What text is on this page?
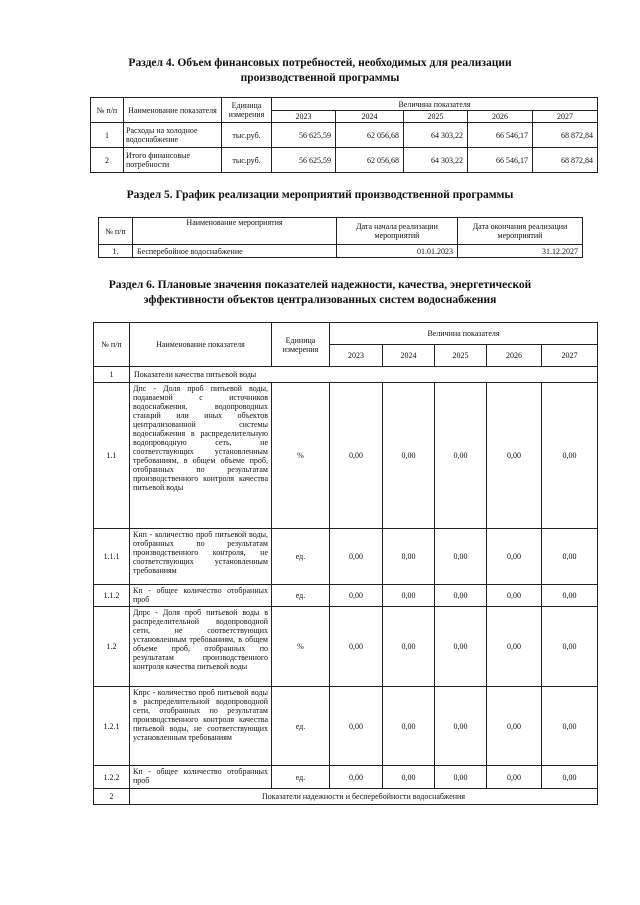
Раздел 4. Объем финансовых потребностей, необходимых для реализации
производственной программы
№ п/п	Наименование показателя	Единица измерения	Величина показателя				
			2023	2024	2025	2026	2027
1	Расходы на холодное водоснабжение	тыс.руб.	56 625,59	62 056,68	64 303,22	66 546,17	68 872,84
2	Итого финансовые потребности	тыс.руб.	56 625,59	62 056,68	64 303,22	66 546,17	68 872,84
Раздел 5. График реализации мероприятий производственной программы
№ п/п	Наименование мероприятия	Дата начала реализации мероприятий	Дата окончания реализации мероприятий
1.	Бесперебойное водоснабжение	01.01.2023	31.12.2027
Раздел 6. Плановые значения показателей надежности, качества, энергетической
эффективности объектов централизованных систем водоснабжения
№ п/п	Наименование показателя	Единица измерения	Величина показателя				
			2023	2024	2025	2026	2027
1	Показатели качества питьевой воды						
1.1	Дпс - Доля проб питьевой воды, подаваемой с источников водоснабжения, водопроводных станций или иных объектов централизованной системы водоснабжения в распределительную водопроводную сеть, не соответствующих установленным требованиям, в общем объеме проб, отобранных по результатам производственного контроля качества питьевой воды	%	0,00	0,00	0,00	0,00	0,00
1.1.1	Кнп - количество проб питьевой воды, отобранных по результатам производственного контроля, не соответствующих установленным требованиям	ед.	0,00	0,00	0,00	0,00	0,00
1.1.2	Кп - общее количество отобранных проб	ед.	0,00	0,00	0,00	0,00	0,00
1.2	Дпрс - Доля проб питьевой воды в распределительной водопроводной сети, не соответствующих установленным требованиям, в общем объеме проб, отобранных по результатам производственного контроля качества питьевой воды	%	0,00	0,00	0,00	0,00	0,00
1.2.1	Кпрс - количество проб питьевой воды в распределительной водопроводной сети, отобранных по результатам производственного контроля качества питьевой воды, не соответствующих установленным требованиям	ед.	0,00	0,00	0,00	0,00	0,00
1.2.2	Кп - общее количество отобранных проб	ед.	0,00	0,00	0,00	0,00	0,00
2	Показатели надежности и бесперебойности водоснабжения						
